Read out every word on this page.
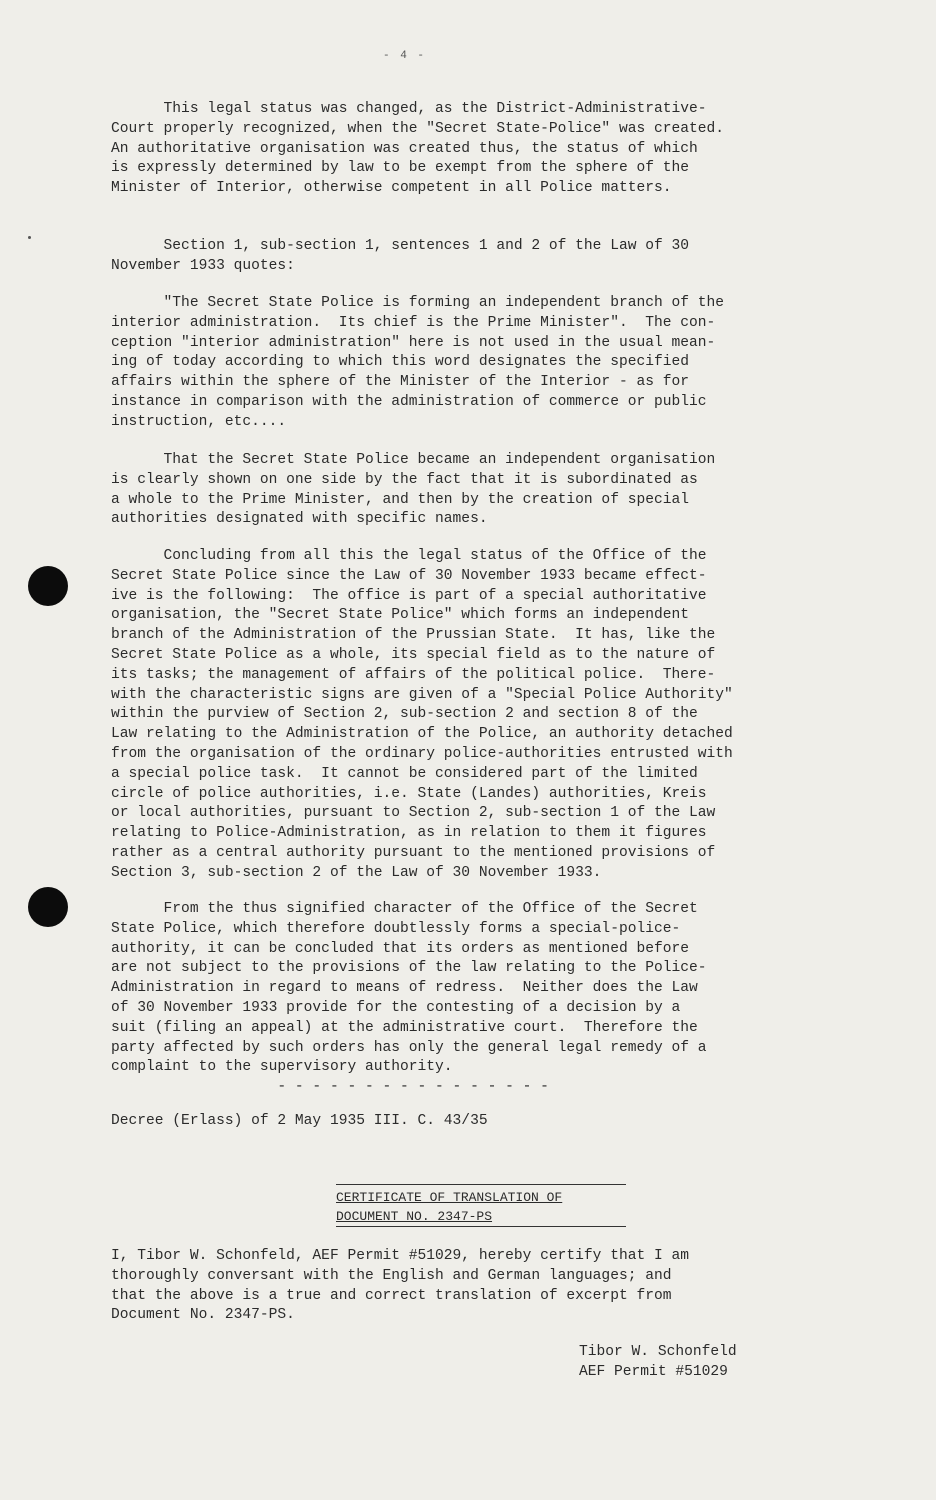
- 4 -

This legal status was changed, as the District-Administrative-
Court properly recognized, when the "Secret State-Police" was created.
An authoritative organisation was created thus, the status of which
is expressly determined by law to be exempt from the sphere of the
Minister of Interior, otherwise competent in all Police matters.

Section 1, sub-section 1, sentences 1 and 2 of the Law of 30
November 1933 quotes:

"The Secret State Police is forming an independent branch of the
interior administration.  Its chief is the Prime Minister".  The con-
ception "interior administration" here is not used in the usual mean-
ing of today according to which this word designates the specified
affairs within the sphere of the Minister of the Interior - as for
instance in comparison with the administration of commerce or public
instruction, etc....

That the Secret State Police became an independent organisation
is clearly shown on one side by the fact that it is subordinated as
a whole to the Prime Minister, and then by the creation of special
authorities designated with specific names.

Concluding from all this the legal status of the Office of the
Secret State Police since the Law of 30 November 1933 became effect-
ive is the following:  The office is part of a special authoritative
organisation, the "Secret State Police" which forms an independent
branch of the Administration of the Prussian State.  It has, like the
Secret State Police as a whole, its special field as to the nature of
its tasks; the management of affairs of the political police.  There-
with the characteristic signs are given of a "Special Police Authority"
within the purview of Section 2, sub-section 2 and section 8 of the
Law relating to the Administration of the Police, an authority detached
from the organisation of the ordinary police-authorities entrusted with
a special police task.  It cannot be considered part of the limited
circle of police authorities, i.e. State (Landes) authorities, Kreis
or local authorities, pursuant to Section 2, sub-section 1 of the Law
relating to Police-Administration, as in relation to them it figures
rather as a central authority pursuant to the mentioned provisions of
Section 3, sub-section 2 of the Law of 30 November 1933.

From the thus signified character of the Office of the Secret
State Police, which therefore doubtlessly forms a special-police-
authority, it can be concluded that its orders as mentioned before
are not subject to the provisions of the law relating to the Police-
Administration in regard to means of redress.  Neither does the Law
of 30 November 1933 provide for the contesting of a decision by a
suit (filing an appeal) at the administrative court.  Therefore the
party affected by such orders has only the general legal remedy of a
complaint to the supervisory authority.
- - - - - - - - - - - - - - - -

Decree (Erlass) of 2 May 1935 III. C. 43/35

CERTIFICATE OF TRANSLATION OF
DOCUMENT NO. 2347-PS

I, Tibor W. Schonfeld, AEF Permit #51029, hereby certify that I am
thoroughly conversant with the English and German languages; and
that the above is a true and correct translation of excerpt from
Document No. 2347-PS.

Tibor W. Schonfeld

AEF Permit #51029
